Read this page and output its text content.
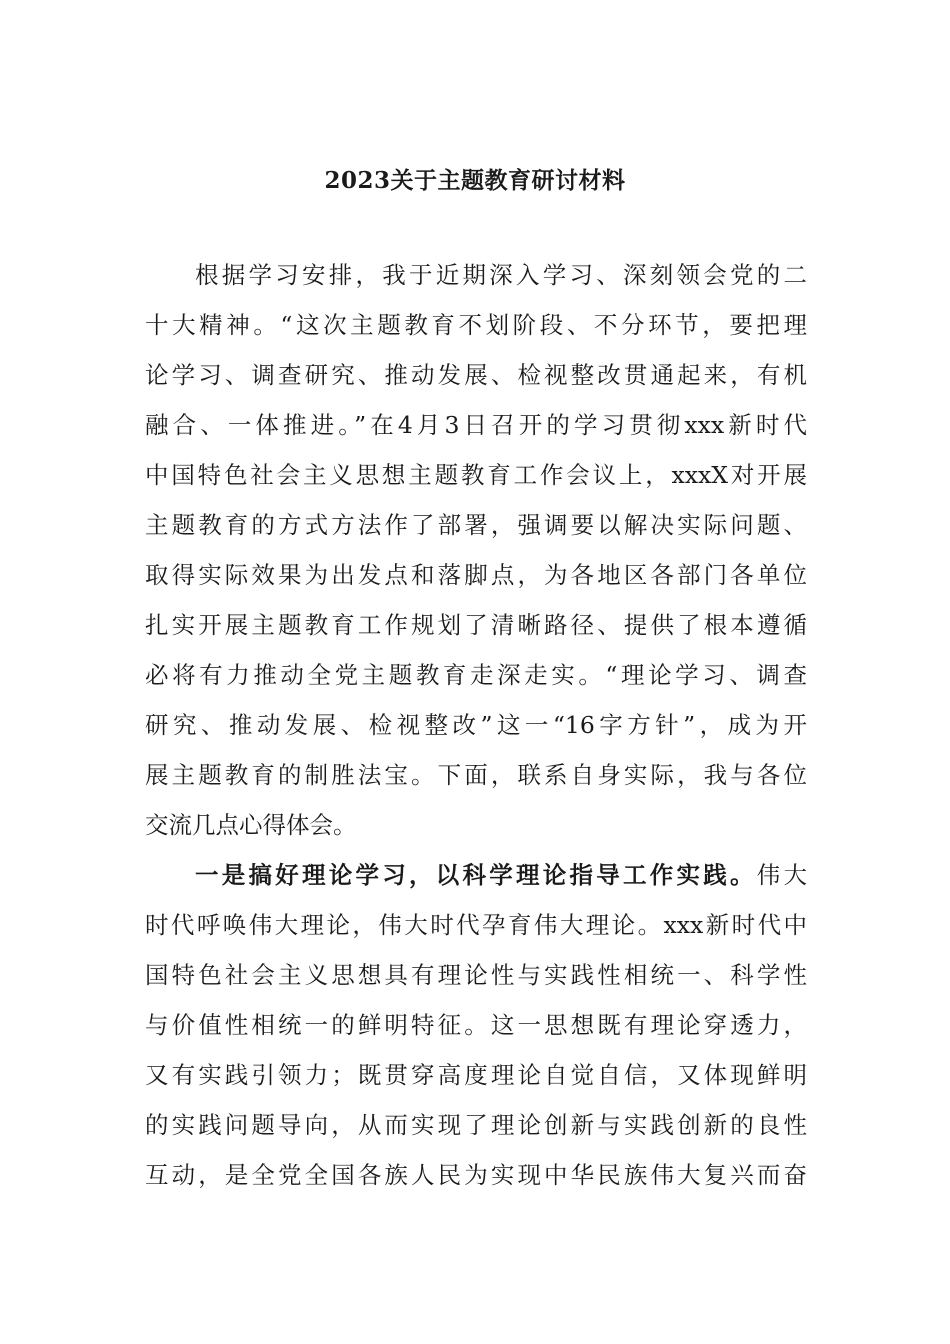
2023关于主题教育研讨材料
根据学习安排，我于近期深入学习、深刻领会党的二
十大精神。“这次主题教育不划阶段、不分环节，要把理
论学习、调查研究、推动发展、检视整改贯通起来，有机
融合、一体推进。”在4月3日召开的学习贯彻xxx新时代
中国特色社会主义思想主题教育工作会议上，xxxX对开展
主题教育的方式方法作了部署，强调要以解决实际问题、
取得实际效果为出发点和落脚点，为各地区各部门各单位
扎实开展主题教育工作规划了清晰路径、提供了根本遵循
必将有力推动全党主题教育走深走实。“理论学习、调查
研究、推动发展、检视整改”这一“16字方针”，成为开
展主题教育的制胜法宝。下面，联系自身实际，我与各位
交流几点心得体会。
一是搞好理论学习，以科学理论指导工作实践。伟大
时代呼唤伟大理论，伟大时代孕育伟大理论。xxx新时代中
国特色社会主义思想具有理论性与实践性相统一、科学性
与价值性相统一的鲜明特征。这一思想既有理论穿透力，
又有实践引领力；既贯穿高度理论自觉自信，又体现鲜明
的实践问题导向，从而实现了理论创新与实践创新的良性
互动，是全党全国各族人民为实现中华民族伟大复兴而奋
